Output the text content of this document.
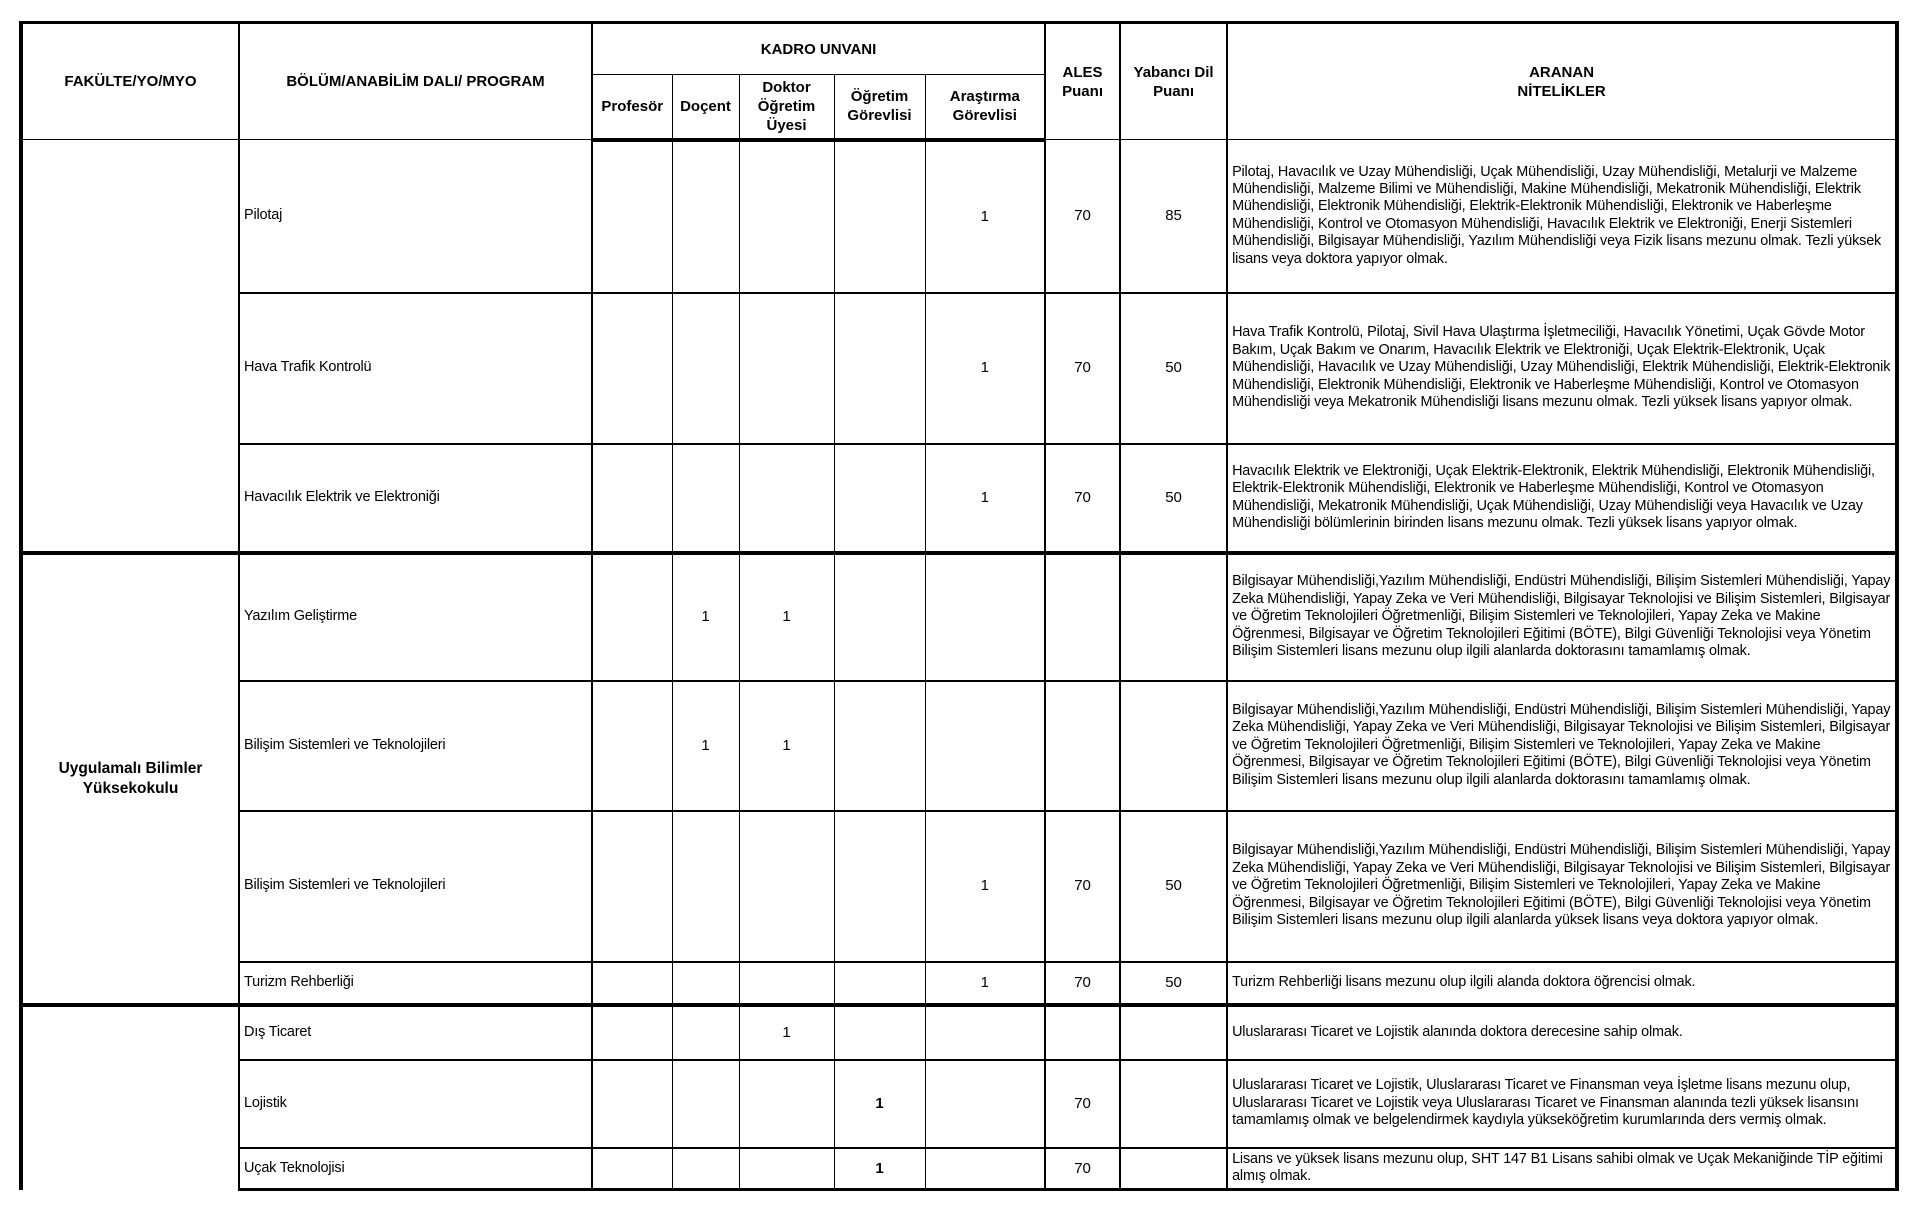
FAKÜLTE/YO/MYO	BÖLÜM/ANABİLİM DALI/ PROGRAM	KADRO UNVANI					ALES Puanı	Yabancı Dil Puanı	ARANAN
NİTELİKLER

		Profesör	Doçent	Doktor Öğretim Üyesi	Öğretim Görevlisi	Araştırma Görevlisi			
	Pilotaj					1	70	85	Pilotaj, Havacılık ve Uzay Mühendisliği, Uçak Mühendisliği, Uzay Mühendisliği, Metalurji ve Malzeme Mühendisliği, Malzeme Bilimi ve Mühendisliği, Makine Mühendisliği, Mekatronik Mühendisliği, Elektrik Mühendisliği, Elektronik Mühendisliği, Elektrik-Elektronik Mühendisliği, Elektronik ve Haberleşme Mühendisliği, Kontrol ve Otomasyon Mühendisliği, Havacılık Elektrik ve Elektroniği, Enerji Sistemleri Mühendisliği, Bilgisayar Mühendisliği, Yazılım Mühendisliği veya Fizik lisans mezunu olmak. Tezli yüksek lisans veya doktora yapıyor olmak.
	Hava Trafik Kontrolü					1	70	50	Hava Trafik Kontrolü, Pilotaj, Sivil Hava Ulaştırma İşletmeciliği, Havacılık Yönetimi, Uçak Gövde Motor Bakım, Uçak Bakım ve Onarım, Havacılık Elektrik ve Elektroniği, Uçak Elektrik-Elektronik, Uçak Mühendisliği, Havacılık ve Uzay Mühendisliği, Uzay Mühendisliği, Elektrik Mühendisliği, Elektrik-Elektronik Mühendisliği, Elektronik Mühendisliği, Elektronik ve Haberleşme Mühendisliği, Kontrol ve Otomasyon Mühendisliği veya Mekatronik Mühendisliği lisans mezunu olmak. Tezli yüksek lisans yapıyor olmak.
	Havacılık Elektrik ve Elektroniği					1	70	50	Havacılık Elektrik ve Elektroniği, Uçak Elektrik-Elektronik, Elektrik Mühendisliği, Elektronik Mühendisliği, Elektrik-Elektronik Mühendisliği, Elektronik ve Haberleşme Mühendisliği, Kontrol ve Otomasyon Mühendisliği, Mekatronik Mühendisliği, Uçak Mühendisliği, Uzay Mühendisliği veya Havacılık ve Uzay Mühendisliği bölümlerinin birinden lisans mezunu olmak. Tezli yüksek lisans yapıyor olmak.
Uygulamalı Bilimler Yüksekokulu	Yazılım Geliştirme		1	1					Bilgisayar Mühendisliği,Yazılım Mühendisliği, Endüstri Mühendisliği, Bilişim Sistemleri Mühendisliği, Yapay Zeka Mühendisliği, Yapay Zeka ve Veri Mühendisliği, Bilgisayar Teknolojisi ve Bilişim Sistemleri, Bilgisayar ve Öğretim Teknolojileri Öğretmenliği, Bilişim Sistemleri ve Teknolojileri, Yapay Zeka ve Makine Öğrenmesi, Bilgisayar ve Öğretim Teknolojileri Eğitimi (BÖTE), Bilgi Güvenliği Teknolojisi veya Yönetim Bilişim Sistemleri lisans mezunu olup ilgili alanlarda doktorasını tamamlamış olmak.
	Bilişim Sistemleri ve Teknolojileri		1	1					Bilgisayar Mühendisliği,Yazılım Mühendisliği, Endüstri Mühendisliği, Bilişim Sistemleri Mühendisliği, Yapay Zeka Mühendisliği, Yapay Zeka ve Veri Mühendisliği, Bilgisayar Teknolojisi ve Bilişim Sistemleri, Bilgisayar ve Öğretim Teknolojileri Öğretmenliği, Bilişim Sistemleri ve Teknolojileri, Yapay Zeka ve Makine Öğrenmesi, Bilgisayar ve Öğretim Teknolojileri Eğitimi (BÖTE), Bilgi Güvenliği Teknolojisi veya Yönetim Bilişim Sistemleri lisans mezunu olup ilgili alanlarda doktorasını tamamlamış olmak.
	Bilişim Sistemleri ve Teknolojileri					1	70	50	Bilgisayar Mühendisliği,Yazılım Mühendisliği, Endüstri Mühendisliği, Bilişim Sistemleri Mühendisliği, Yapay Zeka Mühendisliği, Yapay Zeka ve Veri Mühendisliği, Bilgisayar Teknolojisi ve Bilişim Sistemleri, Bilgisayar ve Öğretim Teknolojileri Öğretmenliği, Bilişim Sistemleri ve Teknolojileri, Yapay Zeka ve Makine Öğrenmesi, Bilgisayar ve Öğretim Teknolojileri Eğitimi (BÖTE), Bilgi Güvenliği Teknolojisi veya Yönetim Bilişim Sistemleri lisans mezunu olup ilgili alanlarda yüksek lisans veya doktora yapıyor olmak.
	Turizm Rehberliği					1	70	50	Turizm Rehberliği lisans mezunu olup ilgili alanda doktora öğrencisi olmak.
	Dış Ticaret			1					Uluslararası Ticaret ve Lojistik alanında doktora derecesine sahip olmak.
	Lojistik				1		70		Uluslararası Ticaret ve Lojistik, Uluslararası Ticaret ve Finansman veya İşletme lisans mezunu olup, Uluslararası Ticaret ve Lojistik veya Uluslararası Ticaret ve Finansman alanında tezli yüksek lisansını tamamlamış olmak ve belgelendirmek kaydıyla yükseköğretim kurumlarında ders vermiş olmak.
	Uçak Teknolojisi				1		70		Lisans ve yüksek lisans mezunu olup, SHT 147 B1 Lisans sahibi olmak ve Uçak Mekaniğinde TİP eğitimi almış olmak.
